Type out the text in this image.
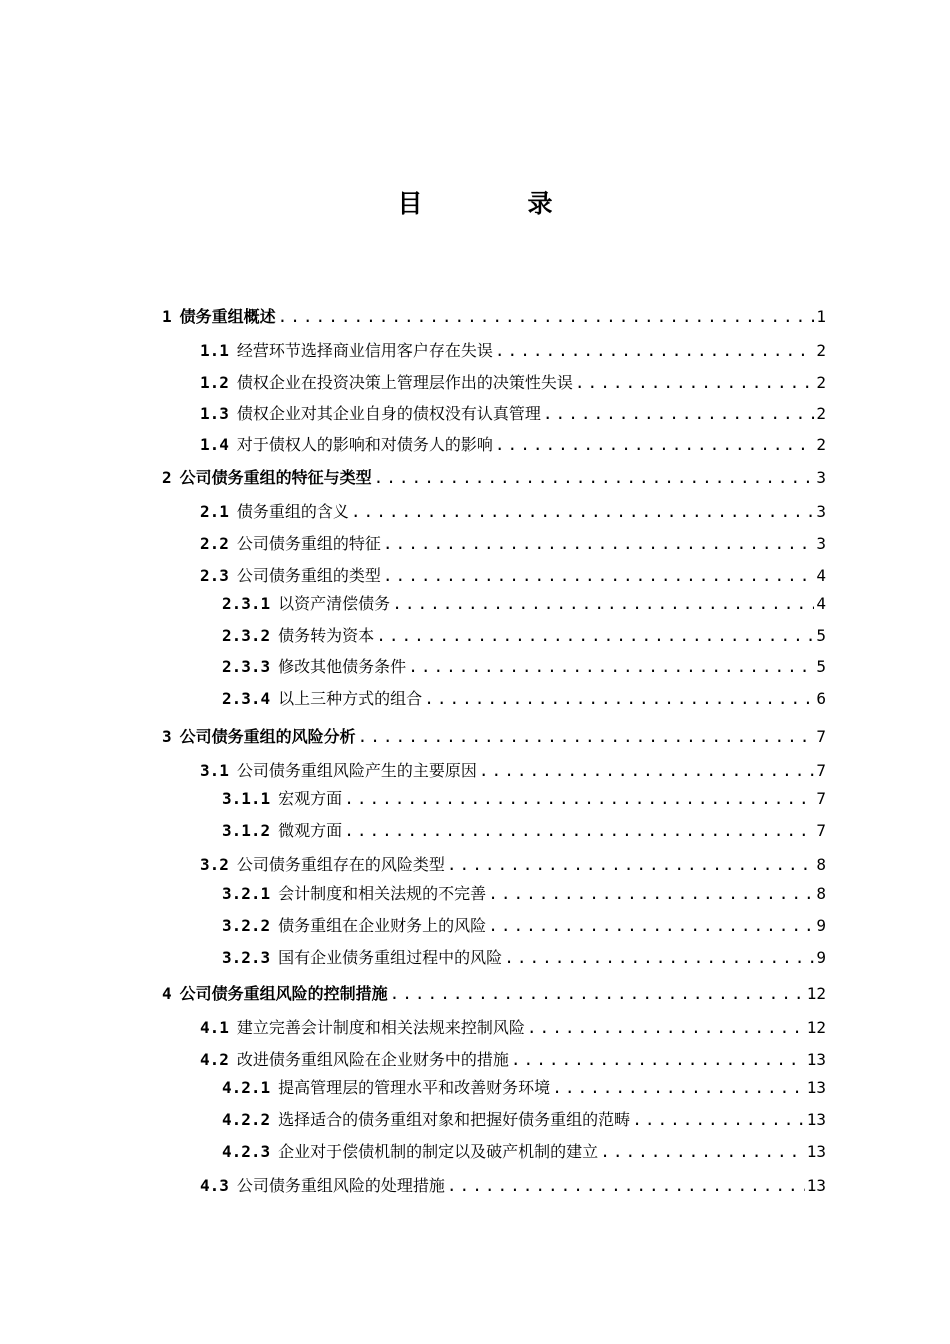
目　录
1 债务重组概述 .....	1
1.1 经营环节选择商业信用客户存在失误 .....	2
1.2 债权企业在投资决策上管理层作出的决策性失误 .....	2
1.3 债权企业对其企业自身的债权没有认真管理 .....	2
1.4 对于债权人的影响和对债务人的影响 .....	2
2 公司债务重组的特征与类型 .....	3
2.1 债务重组的含义 .....	3
2.2 公司债务重组的特征 .....	3
2.3 公司债务重组的类型 .....	4
2.3.1 以资产清偿债务 .....	4
2.3.2 债务转为资本 .....	5
2.3.3 修改其他债务条件 .....	5
2.3.4 以上三种方式的组合 .....	6
3 公司债务重组的风险分析 .....	7
3.1 公司债务重组风险产生的主要原因 .....	7
3.1.1 宏观方面 .....	7
3.1.2 微观方面 .....	7
3.2 公司债务重组存在的风险类型 .....	8
3.2.1 会计制度和相关法规的不完善 .....	8
3.2.2 债务重组在企业财务上的风险 .....	9
3.2.3 国有企业债务重组过程中的风险 .....	9
4 公司债务重组风险的控制措施 .....	12
4.1 建立完善会计制度和相关法规来控制风险 .....	12
4.2 改进债务重组风险在企业财务中的措施 .....	13
4.2.1 提高管理层的管理水平和改善财务环境 .....	13
4.2.2 选择适合的债务重组对象和把握好债务重组的范畴 .....	13
4.2.3 企业对于偿债机制的制定以及破产机制的建立 .....	13
4.3 公司债务重组风险的处理措施 .....	13
